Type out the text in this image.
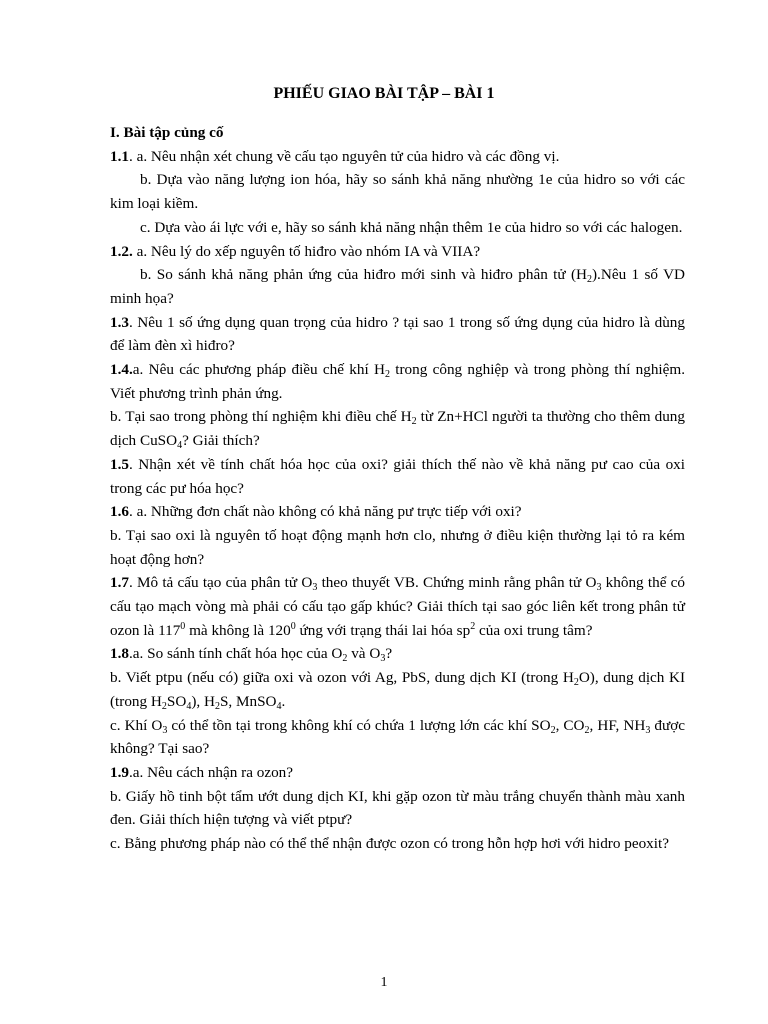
PHIẾU GIAO BÀI TẬP – BÀI 1

I. Bài tập củng cố

1.1. a. Nêu nhận xét chung về cấu tạo nguyên tử của hidro và các đồng vị.

b. Dựa vào năng lượng ion hóa, hãy so sánh khả năng nhường 1e của hidro so với các kim loại kiềm.

c. Dựa vào ái lực với e, hãy so sánh khả năng nhận thêm 1e của hidro so với các halogen.

1.2. a. Nêu lý do xếp nguyên tố hiđro vào nhóm IA và VIIA?

b. So sánh khả năng phản ứng của hiđro mới sinh và hiđro phân tử $(H_2).Nêu$ 1 số VD minh họa?

1.3. Nêu 1 số ứng dụng quan trọng của hidro ? tại sao 1 trong số ứng dụng của hidro là dùng để làm đèn xì hiđro?

1.4.a. Nêu các phương pháp điều chế khí $H_2$ trong công nghiệp và trong phòng thí nghiệm. Viết phương trình phản ứng.

b. Tại sao trong phòng thí nghiệm khi điều chế $H_2$ từ Zn+HCl người ta thường cho thêm dung dịch CuSO$_4$? Giải thích?

1.5. Nhận xét về tính chất hóa học của oxi? giải thích thế nào về khả năng pư cao của oxi trong các pư hóa học?

1.6. a. Những đơn chất nào không có khả năng pư trực tiếp với oxi?

b. Tại sao oxi là nguyên tố hoạt động mạnh hơn clo, nhưng ở điều kiện thường lại tỏ ra kém hoạt động hơn?

1.7. Mô tả cấu tạo của phân tử $O_3$ theo thuyết VB. Chứng minh rằng phân tử $O_3$ không thể có cấu tạo mạch vòng mà phải có cấu tạo gấp khúc? Giải thích tại sao góc liên kết trong phân tử ozon là $117^0$ mà không là $120^0$ ứng với trạng thái lai hóa $sp^2$ của oxi trung tâm?

1.8.a. So sánh tính chất hóa học của $O_2$ và $O_3$?

b. Viết ptpu (nếu có) giữa oxi và ozon với Ag, PbS, dung dịch KI (trong $H_2O$), dung dịch KI (trong $H_2SO_4$), $H_2S$, MnSO$_4$.

c. Khí $O_3$ có thể tồn tại trong không khí có chứa 1 lượng lớn các khí $SO_2$, $CO_2$, HF, $NH_3$ được không? Tại sao?

1.9.a. Nêu cách nhận ra ozon?

b. Giấy hồ tinh bột tẩm ướt dung dịch KI, khi gặp ozon từ màu trắng chuyển thành màu xanh đen. Giải thích hiện tượng và viết ptpư?

c. Bằng phương pháp nào có thể thể nhận được ozon có trong hỗn hợp hơi với hidro peoxit?

1
